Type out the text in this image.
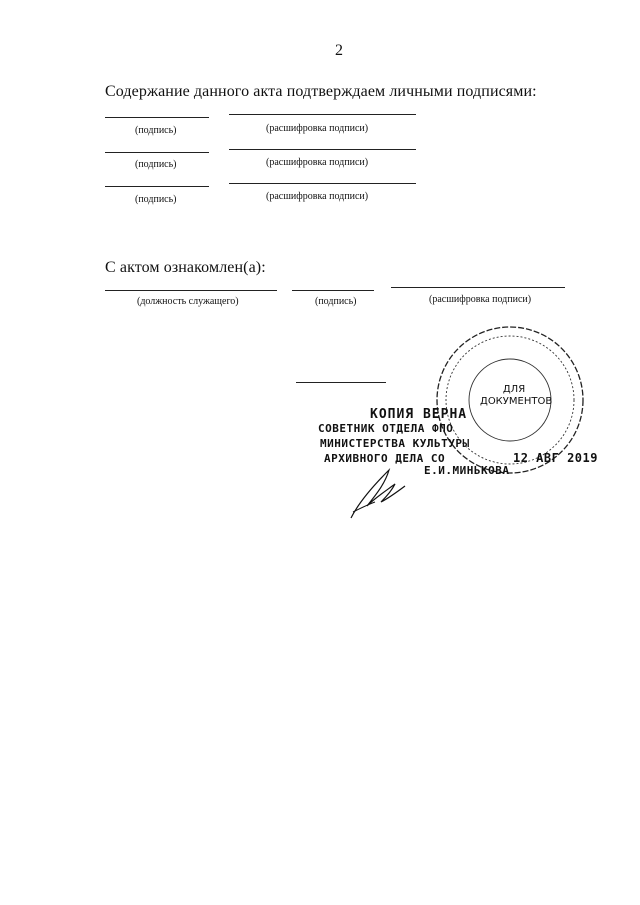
2
Содержание данного акта подтверждаем личными подписями:
(подпись)	(расшифровка подписи)
(подпись)	(расшифровка подписи)
(подпись)	(расшифровка подписи)
С актом ознакомлен(а):
(должность служащего)	(подпись)	(расшифровка подписи)
ДЛЯ
ДОКУМЕНТОВ
КОПИЯ ВЕРНА
СОВЕТНИК ОТДЕЛА ФПО
МИНИСТЕРСТВА КУЛЬТУРЫ
АРХИВНОГО ДЕЛА СО
Е.И.МИНЬКОВА
12 АВГ 2019
